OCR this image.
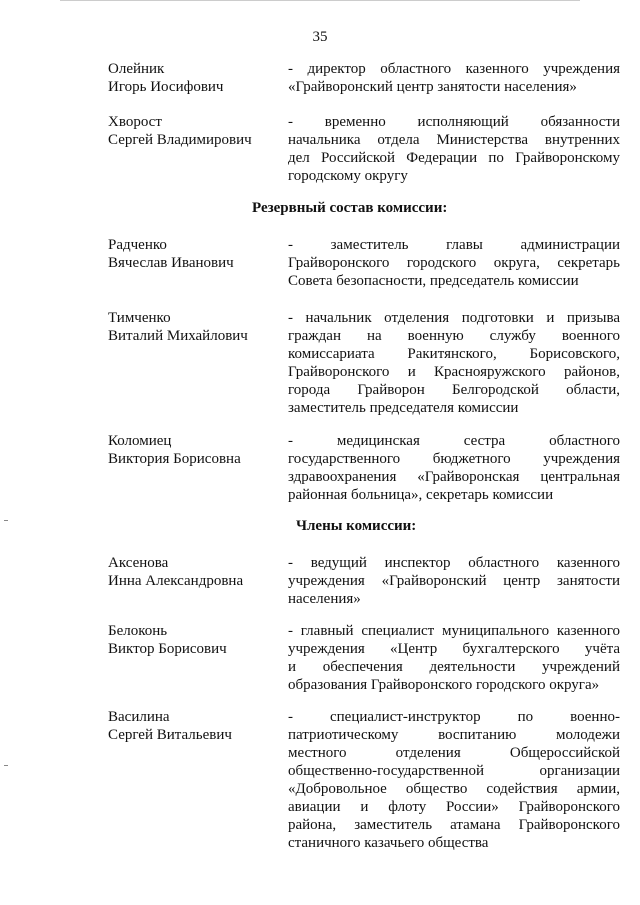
35
Олейник
Игорь Иосифович
- директор областного казенного учреждения
«Грайворонский центр занятости населения»
Хворост
Сергей Владимирович
- временно исполняющий обязанности
начальника отдела Министерства внутренних
дел Российской Федерации по Грайворонскому
городскому округу
Резервный состав комиссии:
Радченко
Вячеслав Иванович
- заместитель главы администрации
Грайворонского городского округа, секретарь
Совета безопасности, председатель комиссии
Тимченко
Виталий Михайлович
- начальник отделения подготовки и призыва
граждан на военную службу военного
комиссариата Ракитянского, Борисовского,
Грайворонского и Краснояружского районов,
города Грайворон Белгородской области,
заместитель председателя комиссии
Коломиец
Виктория Борисовна
- медицинская сестра областного
государственного бюджетного учреждения
здравоохранения «Грайворонская центральная
районная больница», секретарь комиссии
Члены комиссии:
Аксенова
Инна Александровна
- ведущий инспектор областного казенного
учреждения «Грайворонский центр занятости
населения»
Белоконь
Виктор Борисович
- главный специалист муниципального казенного
учреждения «Центр бухгалтерского учёта
и обеспечения деятельности учреждений
образования Грайворонского городского округа»
Василина
Сергей Витальевич
- специалист-инструктор по военно-
патриотическому воспитанию молодежи
местного отделения Общероссийской
общественно-государственной организации
«Добровольное общество содействия армии,
авиации и флоту России» Грайворонского
района, заместитель атамана Грайворонского
станичного казачьего общества
